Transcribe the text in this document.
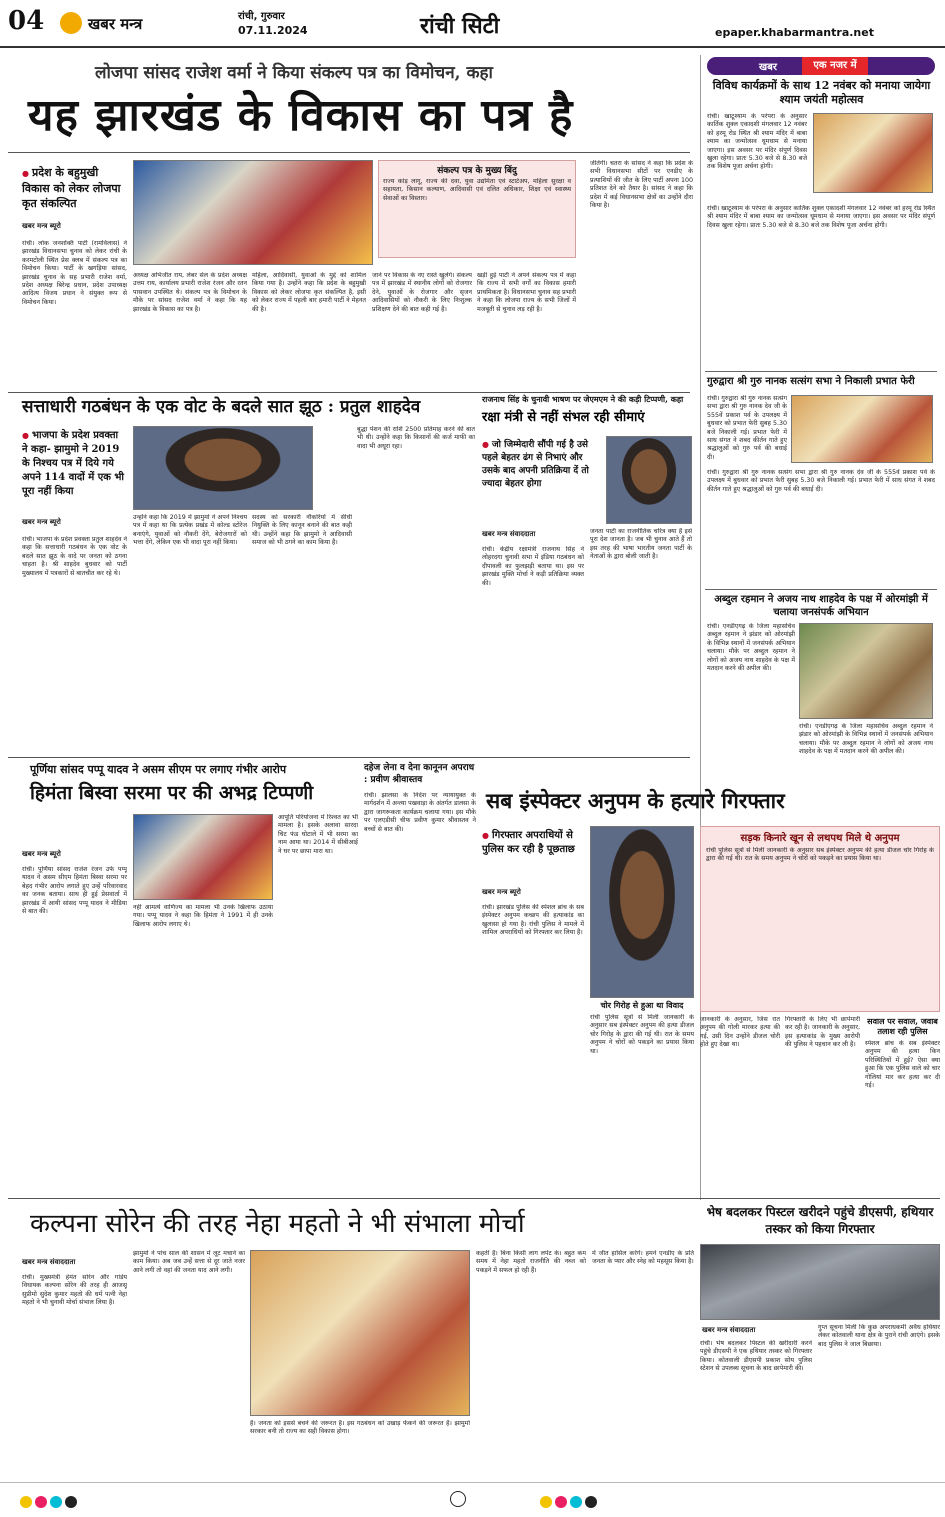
04	खबर मन्त्र	रांची, गुरुवार
07.11.2024	रांची सिटी	epaper.khabarmantra.net
लोजपा सांसद राजेश वर्मा ने किया संकल्प पत्र का विमोचन, कहा
यह झारखंड के विकास का पत्र है
● प्रदेश के बहुमुखी विकास को लेकर लोजपा कृत संकल्पित
खबर मन्त्र ब्यूरो
संकल्प पत्र के मुख्य बिंदु
राज्य कांड़ लागू, राज्य की दवा, युवा उद्यमिता एवं स्टार्टअप, महिला सुरक्षा व सहायता, किसान कल्याण, आदिवासी एवं दलित अधिकार, शिक्षा एवं स्वास्थ्य सेवाओं का विस्तार।
रांची। लोक जनशक्ति पार्टी (रामविलास) ने झारखंड विधानसभा चुनाव को लेकर रांची के करमटोली स्थित प्रेस क्लब में संकल्प पत्र का विमोचन किया। पार्टी के खगड़िया सांसद, झारखंड चुनाव के सह प्रभारी राजेश वर्मा, प्रदेश अध्यक्ष बिरेन्द्र प्रधान, प्रदेश उपाध्यक्ष आदित्य विजय प्रधान ने संयुक्त रूप से विमोचन किया।
अध्यक्ष अभिजीत राय, लेबर सेल के प्रदेश अध्यक्ष उत्तम राय, कार्यालय प्रभारी राजेश रंजन और रतन पासवान उपस्थित थे। संकल्प पत्र के विमोचन के मौके पर सांसद राजेश वर्मा ने कहा कि यह झारखंड के विकास का पत्र है।
महिला, आदिवासी, युवाओं के मुद्दे को शामिल किया गया है। उन्होंने कहा कि प्रदेश के बहुमुखी विकास को लेकर लोजपा कृत संकल्पित है, इसी को लेकर राज्य में पहली बार हमारी पार्टी ने मेहनत की है।
जाने पर विकास के नए रास्ते खुलेंगे। संकल्प पत्र में झारखंड में स्थानीय लोगों को रोजगार देने, युवाओं के रोजगार और सृजन आदिवासियों को नौकरी के लिए निःशुल्क प्रशिक्षण देने की बात कही गई है।
खड़ी हुई पार्टी ने अपने संकल्प पत्र में कहा कि राज्य में सभी वर्गों का विकास हमारी प्राथमिकता है। विधानसभा चुनाव सह प्रभारी ने कहा कि लोजपा राज्य के सभी जिलों में मजबूती से चुनाव लड़ रही है।
जीतेंगी। चतरा के सांसद ने कहा कि प्रदेश के सभी विधानसभा सीटों पर एनडीए के प्रत्याशियों की जीत के लिए पार्टी अपना 100 प्रतिशत देने को तैयार है। सांसद ने कहा कि प्रदेश में कई विधानसभा क्षेत्रों का उन्होंने दौरा किया है।
खबर	एक नजर में
विविध कार्यक्रमों के साथ 12 नवंबर को मनाया जायेगा श्याम जयंती महोत्सव
रांची। खाटूश्याम के परंपरा के अनुसार कार्तिक शुक्ल एकादशी मंगलवार 12 नवंबर को हरमू रोड स्थित श्री श्याम मंदिर में बाबा श्याम का जन्मोत्सव धूमधाम से मनाया जाएगा। इस अवसर पर मंदिर संपूर्ण दिवस खुला रहेगा। प्रातः 5.30 बजे से 8.30 बजे तक विशेष पूजा अर्चना होगी।
रांची। खाटूश्याम के परंपरा के अनुसार कार्तिक शुक्ल एकादशी मंगलवार 12 नवंबर को हरमू रोड स्थित श्री श्याम मंदिर में बाबा श्याम का जन्मोत्सव धूमधाम से मनाया जाएगा। इस अवसर पर मंदिर संपूर्ण दिवस खुला रहेगा। प्रातः 5.30 बजे से 8.30 बजे तक विशेष पूजा अर्चना होगी।
गुरुद्वारा श्री गुरु नानक सत्संग सभा ने निकाली प्रभात फेरी
रांची। गुरुद्वारा श्री गुरु नानक सत्संग सभा द्वारा श्री गुरु नानक देव जी के 555वें प्रकाश पर्व के उपलक्ष्य में बुधवार को प्रभात फेरी सुबह 5.30 बजे निकाली गई। प्रभात फेरी में साध संगत ने शबद कीर्तन गाते हुए श्रद्धालुओं को गुरु पर्व की बधाई दी।
रांची। गुरुद्वारा श्री गुरु नानक सत्संग सभा द्वारा श्री गुरु नानक देव जी के 555वें प्रकाश पर्व के उपलक्ष्य में बुधवार को प्रभात फेरी सुबह 5.30 बजे निकाली गई। प्रभात फेरी में साध संगत ने शबद कीर्तन गाते हुए श्रद्धालुओं को गुरु पर्व की बधाई दी।
अब्दुल रहमान ने अजय नाथ शाहदेव के पक्ष में ओरमांझी में चलाया जनसंपर्क अभियान
रांची। एनडीएगढ़ के जिला महासचिव अब्दुल रहमान ने झंडार को ओरमांझी के विभिन्न स्थानों में जनसंपर्क अभियान चलाया। मौके पर अब्दुल रहमान ने लोगों को अजय नाथ शाहदेव के पक्ष में मतदान करने की अपील की।
रांची। एनडीएगढ़ के जिला महासचिव अब्दुल रहमान ने झंडार को ओरमांझी के विभिन्न स्थानों में जनसंपर्क अभियान चलाया। मौके पर अब्दुल रहमान ने लोगों को अजय नाथ शाहदेव के पक्ष में मतदान करने की अपील की।
सत्ताधारी गठबंधन के एक वोट के बदले सात झूठ : प्रतुल शाहदेव
● भाजपा के प्रदेश प्रवक्ता ने कहा- झामुमो ने 2019 के निश्चय पत्र में दिये गये अपने 114 वादों में एक भी पूरा नहीं किया
खबर मन्त्र ब्यूरो
रांची। भाजपा के प्रदेश प्रवक्ता प्रतुल शाहदेव ने कहा कि सत्ताधारी गठबंधन के एक वोट के बदले सात झूठ के वादे पर जनता को ठगना चाहता है। श्री शाहदेव बुधवार को पार्टी मुख्यालय में पत्रकारों से बातचीत कर रहे थे।
उन्होंने कहा कि 2019 में झामुमो ने अपने निश्चय पत्र में कहा था कि प्रत्येक प्रखंड में कोल्ड स्टोरेज बनाएंगे, युवाओं को नौकरी देंगे, बेरोजगारों को भत्ता देंगे, लेकिन एक भी वादा पूरा नहीं किया।
सदस्य को सरकारी नौकरियों में सीधी नियुक्ति के लिए कानून बनाने की बात कही थी। उन्होंने कहा कि झामुमो ने आदिवासी समाज को भी ठगने का काम किया है।
बुद्धा पेंशन की राशि 2500 प्रतिमाह करने की बात भी थी। उन्होंने कहा कि किसानों की कर्ज माफी का वादा भी अधूरा रहा।
राजनाथ सिंह के चुनावी भाषण पर जेएमएम ने की कड़ी टिप्पणी, कहा
रक्षा मंत्री से नहीं संभल रही सीमाएं
● जो जिम्मेदारी सौंपी गई है उसे पहले बेहतर ढंग से निभाएं और उसके बाद अपनी प्रतिक्रिया दें तो ज्यादा बेहतर होगा
खबर मन्त्र संवाददाता
रांची। केंद्रीय रक्षामंत्री राजनाथ सिंह ने लोहरदगा चुनावी सभा में इंडिया गठबंधन को दीपावली का फुलझड़ी बताया था। इस पर झारखंड मुक्ति मोर्चा ने कड़ी प्रतिक्रिया व्यक्त की।
जनता पार्टी का राजनीतिक चरित्र क्या है इसे पूरा देश जानता है। जब भी चुनाव आते हैं तो इस तरह की भाषा भारतीय जनता पार्टी के नेताओं के द्वारा बोली जाती है।
पूर्णिया सांसद पप्पू यादव ने असम सीएम पर लगाए गंभीर आरोप
हिमंता बिस्वा सरमा पर की अभद्र टिप्पणी
खबर मन्त्र ब्यूरो
रांची। पूर्णिया सांसद राजेश रंजन उर्फ पप्पू यादव ने असम सीएम हिमंता बिस्वा सरमा पर बेहद गंभीर आरोप लगाते हुए उन्हें परिवारवाद का जनक बताया। साथ ही हुई प्रेसवार्ता में झारखंड में आयी सांसद पप्पू यादव ने मीडिया से बात की।
आपूर्ति परियोजना में रिश्वत का भी मामला है। इसके अलावा सारदा चिट फंड घोटाले में भी सरमा का नाम आया था। 2014 में सीबीआई ने घर पर छापा मारा था।
नहीं आमर्त्य वाणिज्य का मामला भी उनके खिलाफ उठाया गया। पप्पू यादव ने कहा कि हिमंता ने 1991 में ही उनके खिलाफ आरोप लगाए थे।
दहेज लेना व देना कानूनन अपराध : प्रवीण श्रीवास्तव
रांची। झालसा के निर्देश पर न्यायायुक्त के मार्गदर्शन में अन्त्या पखवाड़ा के अंतर्गत डालसा के द्वारा जागरूकता कार्यक्रम चलाया गया। इस मौके पर एलएडीसी चीफ प्रवीण कुमार श्रीवास्तव ने बच्चों से बात की।
सब इंस्पेक्टर अनुपम के हत्यारे गिरफ्तार
● गिरफ्तार अपराधियों से पुलिस कर रही है पूछताछ
खबर मन्त्र ब्यूरो
चोर गिरोह से हुआ था विवाद
सड़क किनारे खून से लथपथ मिले थे अनुपम
रांची पुलिस सूत्रों से मिली जानकारी के अनुसार सब इंस्पेक्टर अनुपम की हत्या डीजल चोर गिरोह के द्वारा की गई थी। रात के समय अनुपम ने चोरों को पकड़ने का प्रयास किया था।
रांची। झारखंड पुलिस की स्पेशल ब्रांच के सब इंस्पेक्टर अनुपम कच्छप की हत्याकांड का खुलासा हो गया है। रांची पुलिस ने मामले में शामिल अपराधियों को गिरफ्तार कर लिया है।
रांची पुलिस सूत्रों से मिली जानकारी के अनुसार सब इंस्पेक्टर अनुपम की हत्या डीजल चोर गिरोह के द्वारा की गई थी। रात के समय अनुपम ने चोरों को पकड़ने का प्रयास किया था।
जानकारी के अनुसार, जिस रात अनुपम की गोली मारकर हत्या की गई, उसी दिन उन्होंने डीजल चोरी होते हुए देखा था।
गिरफ्तारी के लिए भी छापेमारी कर रही है। जानकारी के अनुसार, इस हत्याकांड के मुख्य आरोपी की पुलिस ने पहचान कर ली है।
सवाल पर सवाल, जवाब तलाश रही पुलिस
स्पेशल ब्रांच के सब इंस्पेक्टर अनुपम की हत्या किन परिस्थितियों में हुई? ऐसा क्या हुआ कि एक पुलिस वाले को चार गोलियां मार कर हत्या कर दी गई।
कल्पना सोरेन की तरह नेहा महतो ने भी संभाला मोर्चा
खबर मन्त्र संवाददाता
रांची। मुख्यमंत्री हेमंत सोरेन और गांडेय विधायक कल्पना सोरेन की तरह ही आजसू सुप्रीमो सुदेश कुमार महतो की धर्म पत्नी नेहा महतो ने भी चुनावी मोर्चा संभाल लिया है।
झामुमो ने पांच साल की शासन में लूट मचाने का काम किया। अब जब उन्हें सत्ता से दूर जाते नजर आने लगी तो वहां की जनता याद आने लगी।
है। जनता को इससे बचने की जरूरत है। इस गठबंधन को उखाड़ फेंकने की जरूरत है। झामुमो सरकार बनी तो राज्य का सही विकास होगा।
कहती हैं। बिना किसी लाग लपेट के। बहुत कम समय में नेहा महतो राजनीति की नब्ज को पकड़ने में सफल हो रही हैं।
में जीत हासिल करेंगे। हमने एनडीए के प्रति जनता के प्यार और स्नेह को महसूस किया है।
भेष बदलकर पिस्टल खरीदने पहुंचे डीएसपी, हथियार तस्कर को किया गिरफ्तार
खबर मन्त्र संवाददाता
रांची। भेष बदलकर पिस्टल की खरीदारी करने पहुंचे डीएसपी ने एक हथियार तस्कर को गिरफ्तार किया। कोतवाली डीएसपी प्रकाश सोय पुलिस स्टेशन से उपलब्ध सूचना के बाद छापेमारी की।
गुप्त सूचना मिली कि कुछ अपराधकर्मी अवैध हथियार लेकर कोतवाली थाना क्षेत्र के पुराने रांची आएंगे। इसके बाद पुलिस ने जाल बिछाया।
